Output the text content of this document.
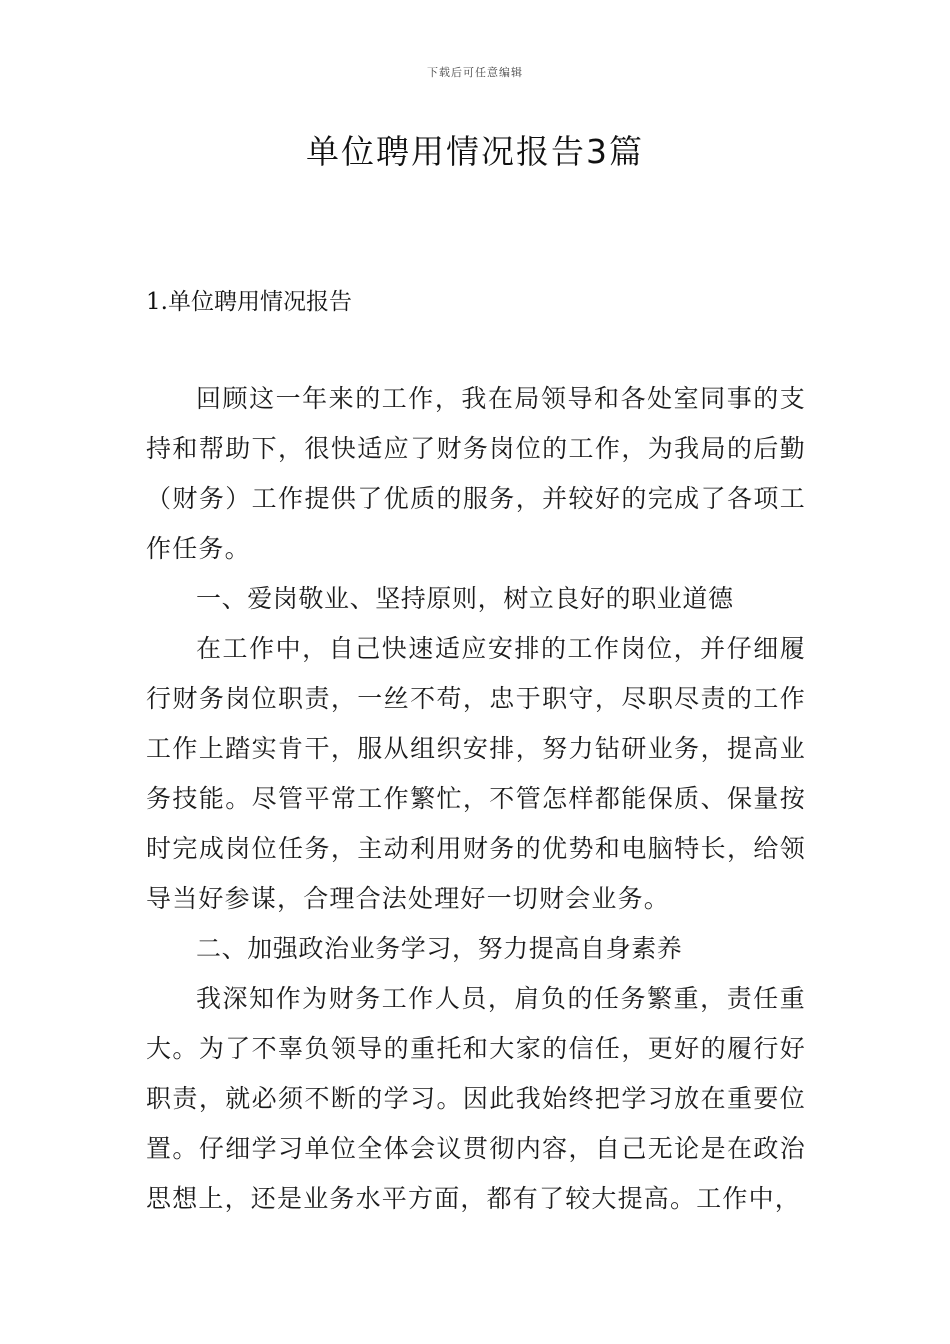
下载后可任意编辑
单位聘用情况报告3篇
1.单位聘用情况报告

回顾这一年来的工作，我在局领导和各处室同事的支持和帮助下，很快适应了财务岗位的工作，为我局的后勤（财务）工作提供了优质的服务，并较好的完成了各项工作任务。

一、爱岗敬业、坚持原则，树立良好的职业道德

在工作中，自己快速适应安排的工作岗位，并仔细履行财务岗位职责，一丝不苟，忠于职守，尽职尽责的工作工作上踏实肯干，服从组织安排，努力钻研业务，提高业务技能。尽管平常工作繁忙，不管怎样都能保质、保量按时完成岗位任务，主动利用财务的优势和电脑特长，给领导当好参谋，合理合法处理好一切财会业务。

二、加强政治业务学习，努力提高自身素养

我深知作为财务工作人员，肩负的任务繁重，责任重大。为了不辜负领导的重托和大家的信任，更好的履行好职责，就必须不断的学习。因此我始终把学习放在重要位置。仔细学习单位全体会议贯彻内容，自己无论是在政治思想上，还是业务水平方面，都有了较大提高。工作中，
